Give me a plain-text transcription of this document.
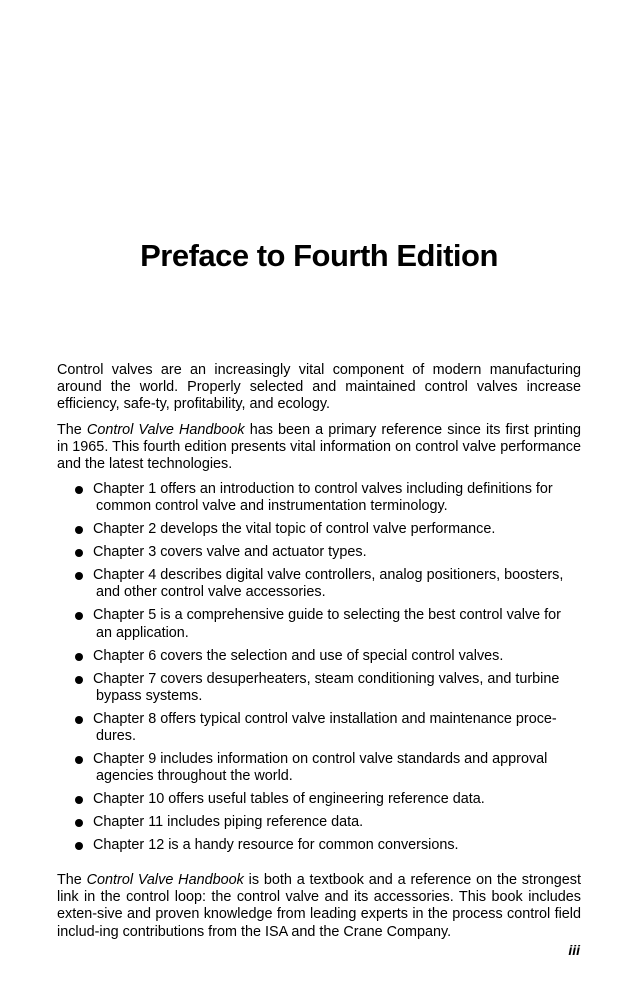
Preface to Fourth Edition

Control valves are an increasingly vital component of modern manufacturing around the world. Properly selected and maintained control valves increase efficiency, safe-ty, profitability, and ecology.

The Control Valve Handbook has been a primary reference since its first printing in 1965. This fourth edition presents vital information on control valve performance and the latest technologies.

Chapter 1 offers an introduction to control valves including definitions for
common control valve and instrumentation terminology.
Chapter 2 develops the vital topic of control valve performance.
Chapter 3 covers valve and actuator types.
Chapter 4 describes digital valve controllers, analog positioners, boosters,
and other control valve accessories.
Chapter 5 is a comprehensive guide to selecting the best control valve for
an application.
Chapter 6 covers the selection and use of special control valves.
Chapter 7 covers desuperheaters, steam conditioning valves, and turbine
bypass systems.
Chapter 8 offers typical control valve installation and maintenance proce-
dures.
Chapter 9 includes information on control valve standards and approval
agencies throughout the world.
Chapter 10 offers useful tables of engineering reference data.
Chapter 11 includes piping reference data.
Chapter 12 is a handy resource for common conversions.

The Control Valve Handbook is both a textbook and a reference on the strongest link in the control loop: the control valve and its accessories. This book includes exten-sive and proven knowledge from leading experts in the process control field includ-ing contributions from the ISA and the Crane Company.

iii
